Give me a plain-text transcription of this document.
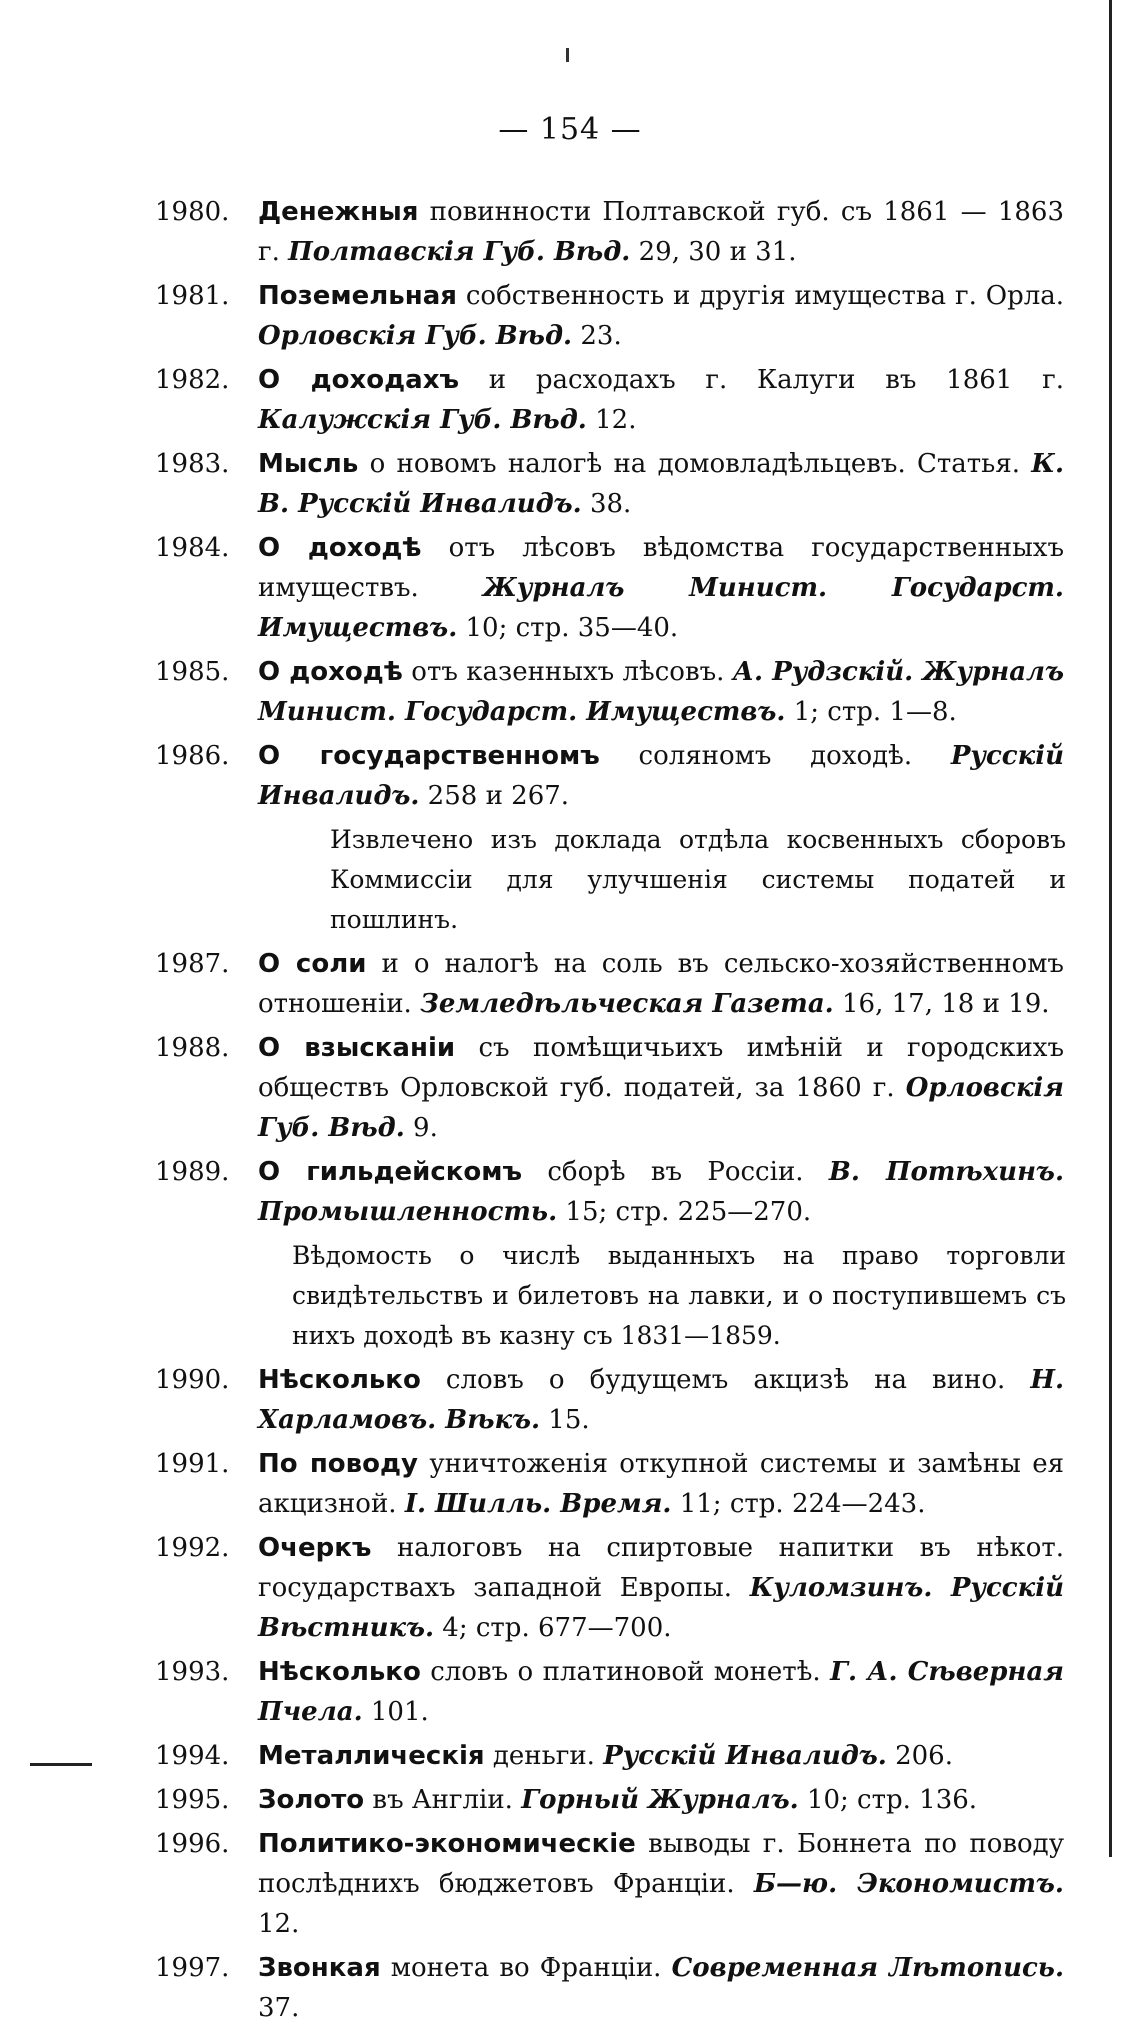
— 154 —
1980.	Денежныя повинности Полтавской губ. съ 1861 — 1863 г. Полтавскія Губ. Вѣд. 29, 30 и 31.
1981.	Поземельная собственность и другія имущества г. Орла. Орловскія Губ. Вѣд. 23.
1982.	О доходахъ и расходахъ г. Калуги въ 1861 г. Калужскія Губ. Вѣд. 12.
1983.	Мысль о новомъ налогѣ на домовладѣльцевъ. Статья. К. В. Русскій Инвалидъ. 38.
1984.	О доходѣ отъ лѣсовъ вѣдомства государственныхъ имуществъ. Журналъ Минист. Государст. Имуществъ. 10; стр. 35—40.
1985.	О доходѣ отъ казенныхъ лѣсовъ. А. Рудзскій. Журналъ Минист. Государст. Имуществъ. 1; стр. 1—8.
1986.	О государственномъ соляномъ доходѣ. Русскій Инвалидъ. 258 и 267.
Извлечено изъ доклада отдѣла косвенныхъ сборовъ Коммиссіи для улучшенія системы податей и пошлинъ.
1987.	О соли и о налогѣ на соль въ сельско-хозяйственномъ отношеніи. Земледѣльческая Газета. 16, 17, 18 и 19.
1988.	О взысканіи съ помѣщичьихъ имѣній и городскихъ обществъ Орловской губ. податей, за 1860 г. Орловскія Губ. Вѣд. 9.
1989.	О гильдейскомъ сборѣ въ Россіи. В. Потѣхинъ. Промышленность. 15; стр. 225—270.
Вѣдомость о числѣ выданныхъ на право торговли свидѣтельствъ и билетовъ на лавки, и о поступившемъ съ нихъ доходѣ въ казну съ 1831—1859.
1990.	Нѣсколько словъ о будущемъ акцизѣ на вино. Н. Харламовъ. Вѣкъ. 15.
1991.	По поводу уничтоженія откупной системы и замѣны ея акцизной. І. Шилль. Время. 11; стр. 224—243.
1992.	Очеркъ налоговъ на спиртовые напитки въ нѣкот. государствахъ западной Европы. Куломзинъ. Русскій Вѣстникъ. 4; стр. 677—700.
1993.	Нѣсколько словъ о платиновой монетѣ. Г. А. Сѣверная Пчела. 101.
1994.	Металлическія деньги. Русскій Инвалидъ. 206.
1995.	Золото въ Англіи. Горный Журналъ. 10; стр. 136.
1996.	Политико-экономическіе выводы г. Боннета по поводу послѣднихъ бюджетовъ Франціи. Б—ю. Экономистъ. 12.
1997.	Звонкая монета во Франціи. Современная Лѣтопись. 37.
